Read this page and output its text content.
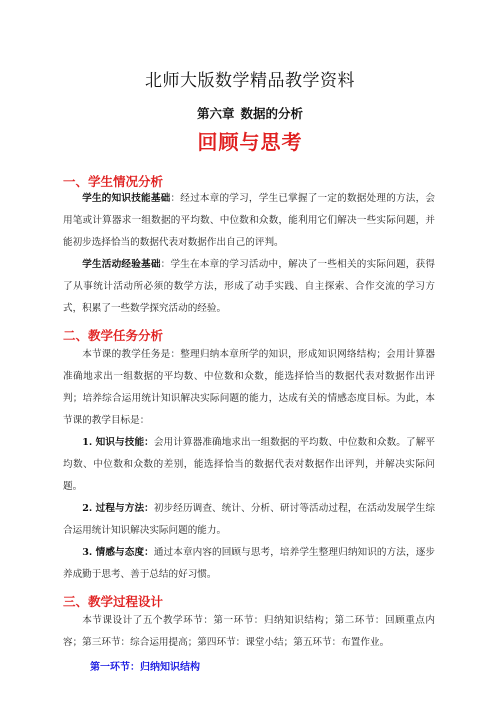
北师大版数学精品教学资料
第六章 数据的分析
回顾与思考
一、学生情况分析
学生的知识技能基础：经过本章的学习，学生已掌握了一定的数据处理的方法，会用笔或计算器求一组数据的平均数、中位数和众数，能利用它们解决一些实际问题，并能初步选择恰当的数据代表对数据作出自己的评判。
学生活动经验基础：学生在本章的学习活动中，解决了一些相关的实际问题，获得了从事统计活动所必须的数学方法，形成了动手实践、自主探索、合作交流的学习方式，积累了一些数学探究活动的经验。
二、教学任务分析
本节课的教学任务是：整理归纳本章所学的知识，形成知识网络结构；会用计算器准确地求出一组数据的平均数、中位数和众数，能选择恰当的数据代表对数据作出评判；培养综合运用统计知识解决实际问题的能力，达成有关的情感态度目标。为此，本节课的教学目标是：
1. 知识与技能：会用计算器准确地求出一组数据的平均数、中位数和众数。了解平均数、中位数和众数的差别，能选择恰当的数据代表对数据作出评判，并解决实际问题。
2. 过程与方法：初步经历调查、统计、分析、研讨等活动过程，在活动发展学生综合运用统计知识解决实际问题的能力。
3. 情感与态度：通过本章内容的回顾与思考，培养学生整理归纳知识的方法，逐步养成勤于思考、善于总结的好习惯。
三、教学过程设计
本节课设计了五个教学环节：第一环节：归纳知识结构；第二环节：回顾重点内容；第三环节：综合运用提高；第四环节：课堂小结；第五环节：布置作业。
第一环节：归纳知识结构
